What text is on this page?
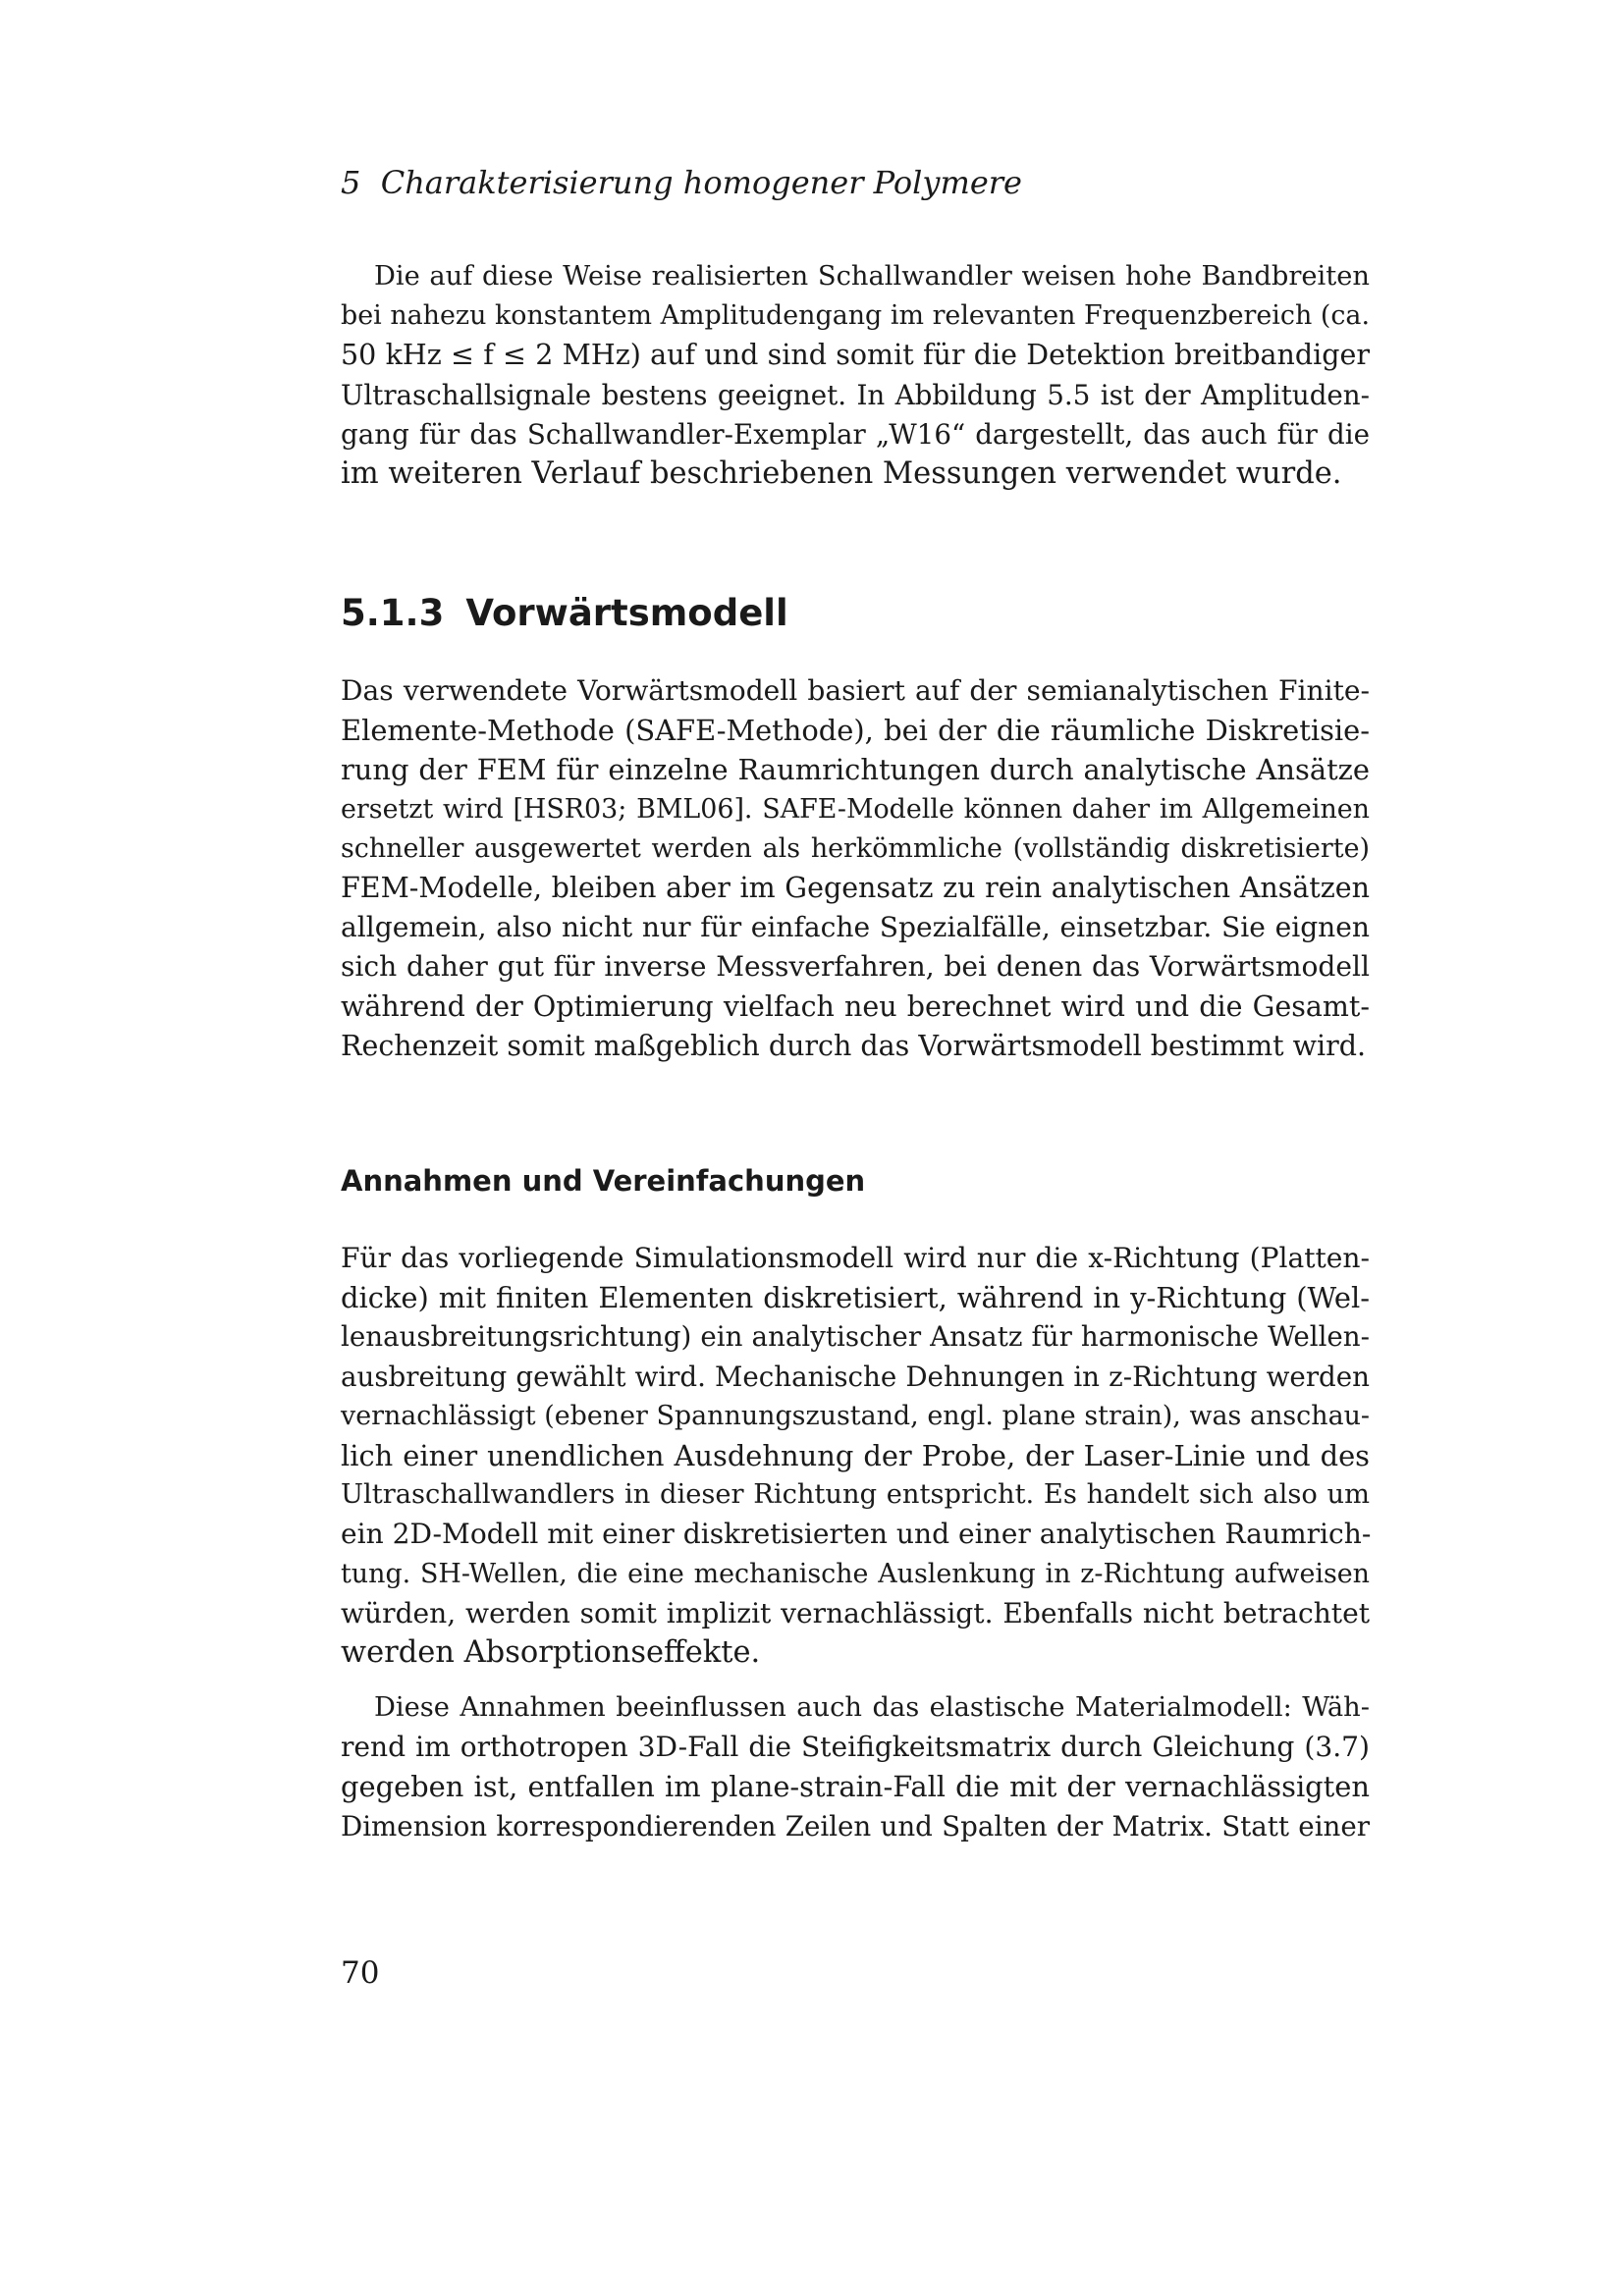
5 Charakterisierung homogener Polymere

Die auf diese Weise realisierten Schallwandler weisen hohe Bandbreiten
bei nahezu konstantem Amplitudengang im relevanten Frequenzbereich (ca.
50 kHz ≤ f ≤ 2 MHz) auf und sind somit für die Detektion breitbandiger
Ultraschallsignale bestens geeignet. In Abbildung 5.5 ist der Amplituden-
gang für das Schallwandler-Exemplar „W16“ dargestellt, das auch für die
im weiteren Verlauf beschriebenen Messungen verwendet wurde.

5.1.3 Vorwärtsmodell

Das verwendete Vorwärtsmodell basiert auf der semianalytischen Finite-
Elemente-Methode (SAFE-Methode), bei der die räumliche Diskretisie-
rung der FEM für einzelne Raumrichtungen durch analytische Ansätze
ersetzt wird [HSR03; BML06]. SAFE-Modelle können daher im Allgemeinen
schneller ausgewertet werden als herkömmliche (vollständig diskretisierte)
FEM-Modelle, bleiben aber im Gegensatz zu rein analytischen Ansätzen
allgemein, also nicht nur für einfache Spezialfälle, einsetzbar. Sie eignen
sich daher gut für inverse Messverfahren, bei denen das Vorwärtsmodell
während der Optimierung vielfach neu berechnet wird und die Gesamt-
Rechenzeit somit maßgeblich durch das Vorwärtsmodell bestimmt wird.

Annahmen und Vereinfachungen

Für das vorliegende Simulationsmodell wird nur die x-Richtung (Platten-
dicke) mit finiten Elementen diskretisiert, während in y-Richtung (Wel-
lenausbreitungsrichtung) ein analytischer Ansatz für harmonische Wellen-
ausbreitung gewählt wird. Mechanische Dehnungen in z-Richtung werden
vernachlässigt (ebener Spannungszustand, engl. plane strain), was anschau-
lich einer unendlichen Ausdehnung der Probe, der Laser-Linie und des
Ultraschallwandlers in dieser Richtung entspricht. Es handelt sich also um
ein 2D-Modell mit einer diskretisierten und einer analytischen Raumrich-
tung. SH-Wellen, die eine mechanische Auslenkung in z-Richtung aufweisen
würden, werden somit implizit vernachlässigt. Ebenfalls nicht betrachtet
werden Absorptionseffekte.

Diese Annahmen beeinflussen auch das elastische Materialmodell: Wäh-
rend im orthotropen 3D-Fall die Steifigkeitsmatrix durch Gleichung (3.7)
gegeben ist, entfallen im plane-strain-Fall die mit der vernachlässigten
Dimension korrespondierenden Zeilen und Spalten der Matrix. Statt einer

70
